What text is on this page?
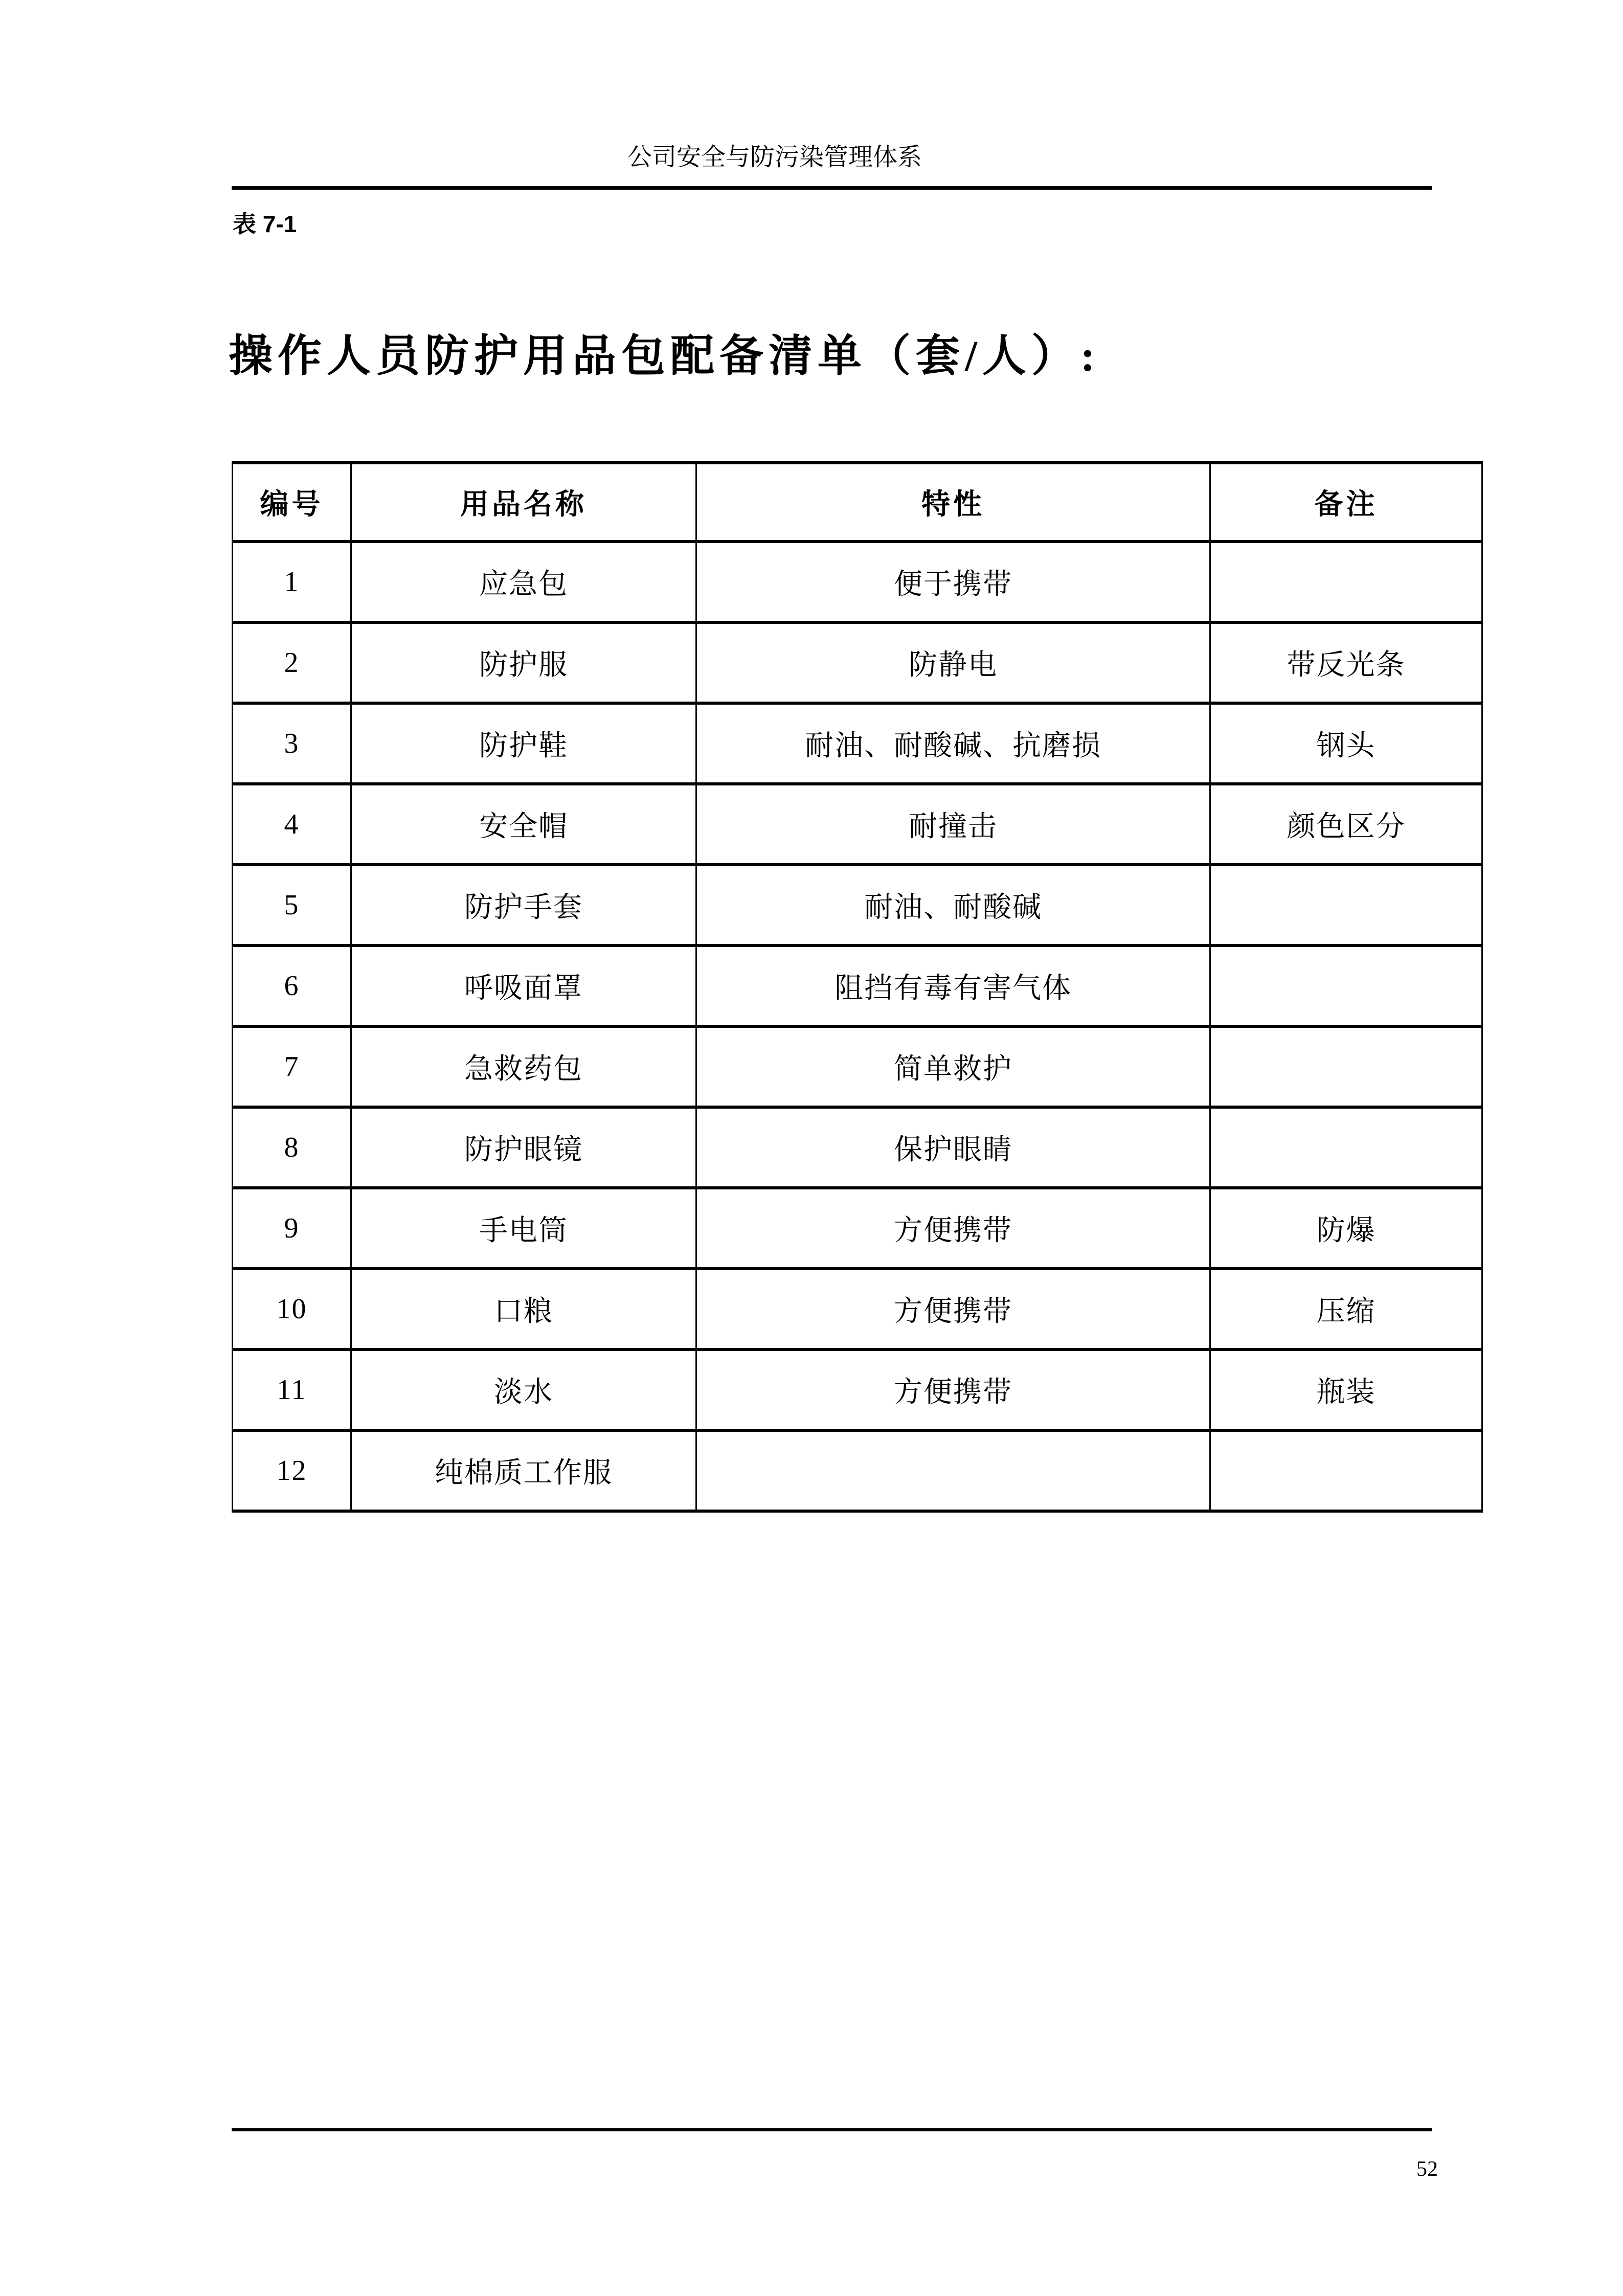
公司安全与防污染管理体系
表 7-1
操作人员防护用品包配备清单（套/人）:
编号	用品名称	特性	备注
1	应急包	便于携带	
2	防护服	防静电	带反光条
3	防护鞋	耐油、耐酸碱、抗磨损	钢头
4	安全帽	耐撞击	颜色区分
5	防护手套	耐油、耐酸碱	
6	呼吸面罩	阻挡有毒有害气体	
7	急救药包	简单救护	
8	防护眼镜	保护眼睛	
9	手电筒	方便携带	防爆
10	口粮	方便携带	压缩
11	淡水	方便携带	瓶装
12	纯棉质工作服		
52
